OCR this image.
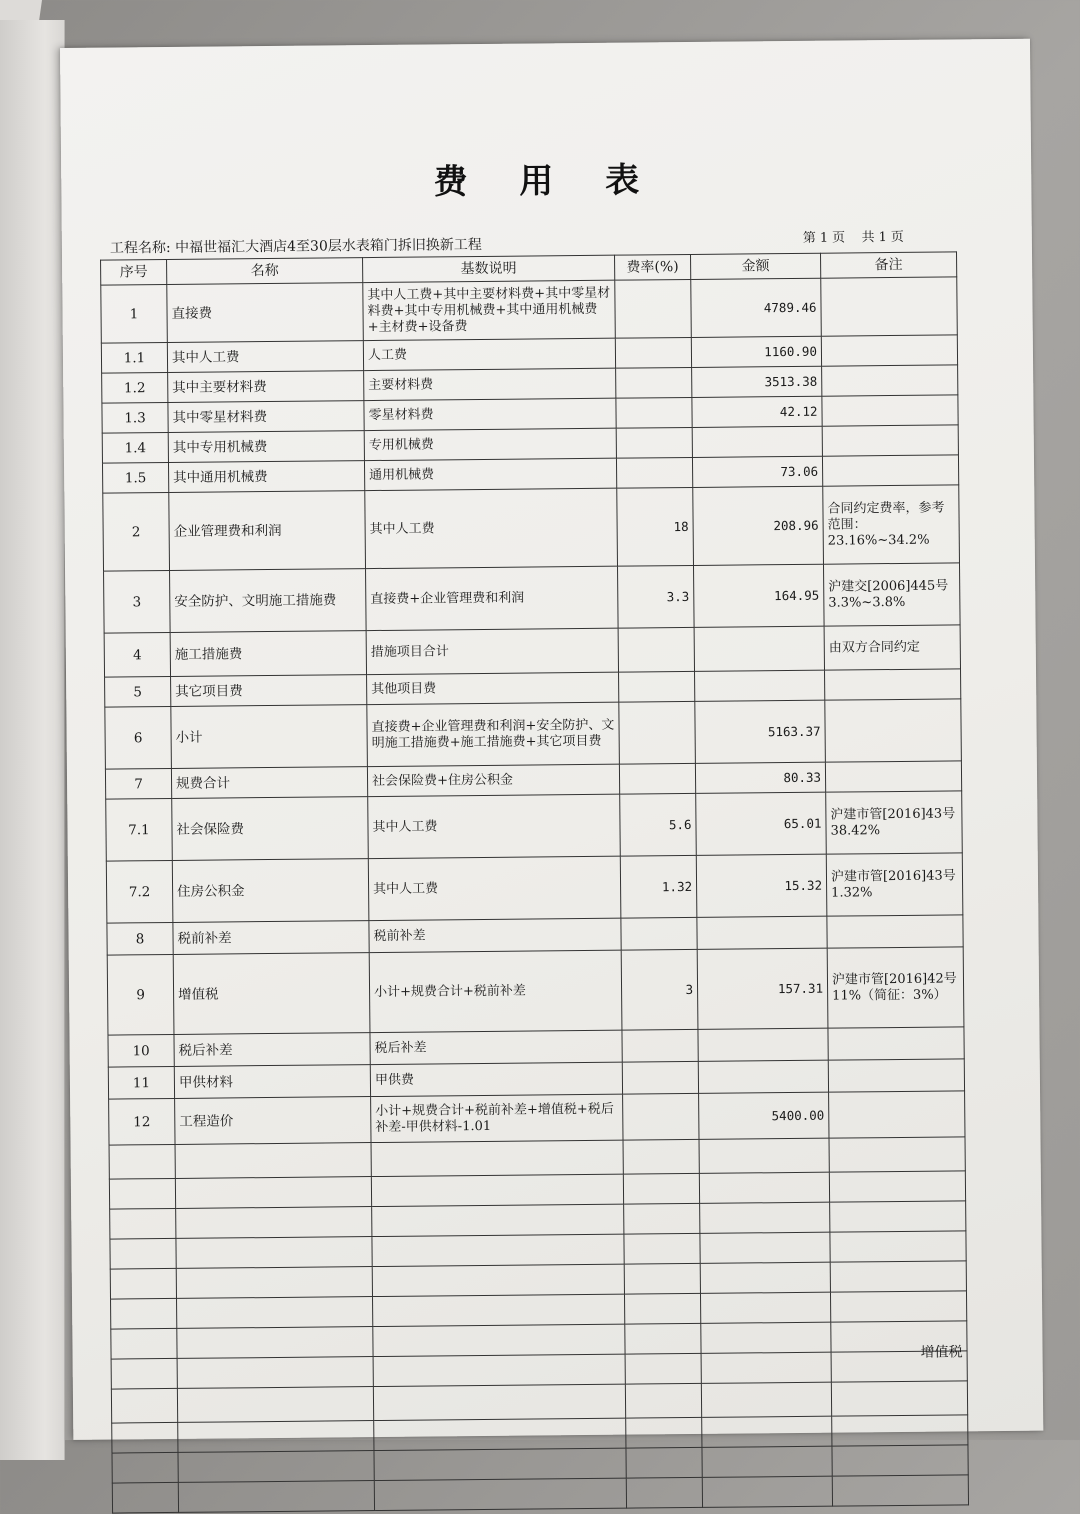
费 用 表
工程名称: 中福世福汇大酒店4至30层水表箱门拆旧换新工程	第 1 页 共 1 页
序号	名称	基数说明	费率(%)	金额	备注
1	直接费	其中人工费+其中主要材料费+其中零星材料费+其中专用机械费+其中通用机械费+主材费+设备费		4789.46	
1.1	其中人工费	人工费		1160.90	
1.2	其中主要材料费	主要材料费		3513.38	
1.3	其中零星材料费	零星材料费		42.12	
1.4	其中专用机械费	专用机械费			
1.5	其中通用机械费	通用机械费		73.06	
2	企业管理费和利润	其中人工费	18	208.96	合同约定费率，参考范围：23.16%~34.2%
3	安全防护、文明施工措施费	直接费+企业管理费和利润	3.3	164.95	沪建交[2006]445号 3.3%~3.8%
4	施工措施费	措施项目合计			由双方合同约定
5	其它项目费	其他项目费			
6	小计	直接费+企业管理费和利润+安全防护、文明施工措施费+施工措施费+其它项目费		5163.37	
7	规费合计	社会保险费+住房公积金		80.33	
7.1	社会保险费	其中人工费	5.6	65.01	沪建市管[2016]43号 38.42%
7.2	住房公积金	其中人工费	1.32	15.32	沪建市管[2016]43号 1.32%
8	税前补差	税前补差			
9	增值税	小计+规费合计+税前补差	3	157.31	沪建市管[2016]42号 11%（简征：3%）
10	税后补差	税后补差			
11	甲供材料	甲供费			
12	工程造价	小计+规费合计+税前补差+增值税+税后补差-甲供材料-1.01		5400.00	

增值税
